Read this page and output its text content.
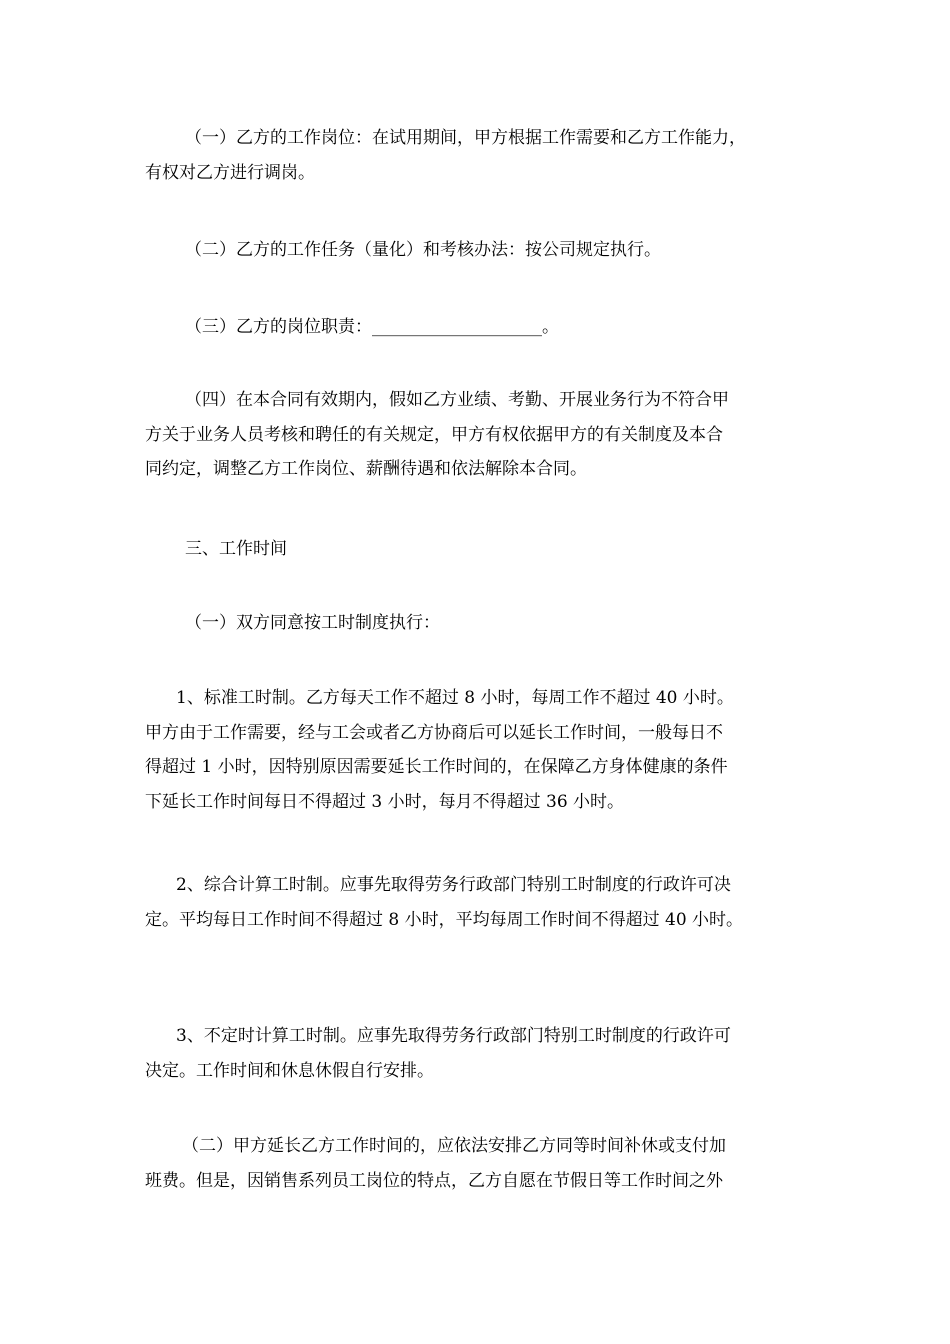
（一）乙方的工作岗位：在试用期间，甲方根据工作需要和乙方工作能力，
有权对乙方进行调岗。
（二）乙方的工作任务（量化）和考核办法：按公司规定执行。
（三）乙方的岗位职责：____________________。
（四）在本合同有效期内，假如乙方业绩、考勤、开展业务行为不符合甲
方关于业务人员考核和聘任的有关规定，甲方有权依据甲方的有关制度及本合
同约定，调整乙方工作岗位、薪酬待遇和依法解除本合同。
三、工作时间
（一）双方同意按工时制度执行：
1、标准工时制。乙方每天工作不超过 8 小时，每周工作不超过 40 小时。
甲方由于工作需要，经与工会或者乙方协商后可以延长工作时间，一般每日不
得超过 1 小时，因特别原因需要延长工作时间的，在保障乙方身体健康的条件
下延长工作时间每日不得超过 3 小时，每月不得超过 36 小时。
2、综合计算工时制。应事先取得劳务行政部门特别工时制度的行政许可决
定。平均每日工作时间不得超过 8 小时，平均每周工作时间不得超过 40 小时。
3、不定时计算工时制。应事先取得劳务行政部门特别工时制度的行政许可
决定。工作时间和休息休假自行安排。
（二）甲方延长乙方工作时间的，应依法安排乙方同等时间补休或支付加
班费。但是，因销售系列员工岗位的特点，乙方自愿在节假日等工作时间之外
